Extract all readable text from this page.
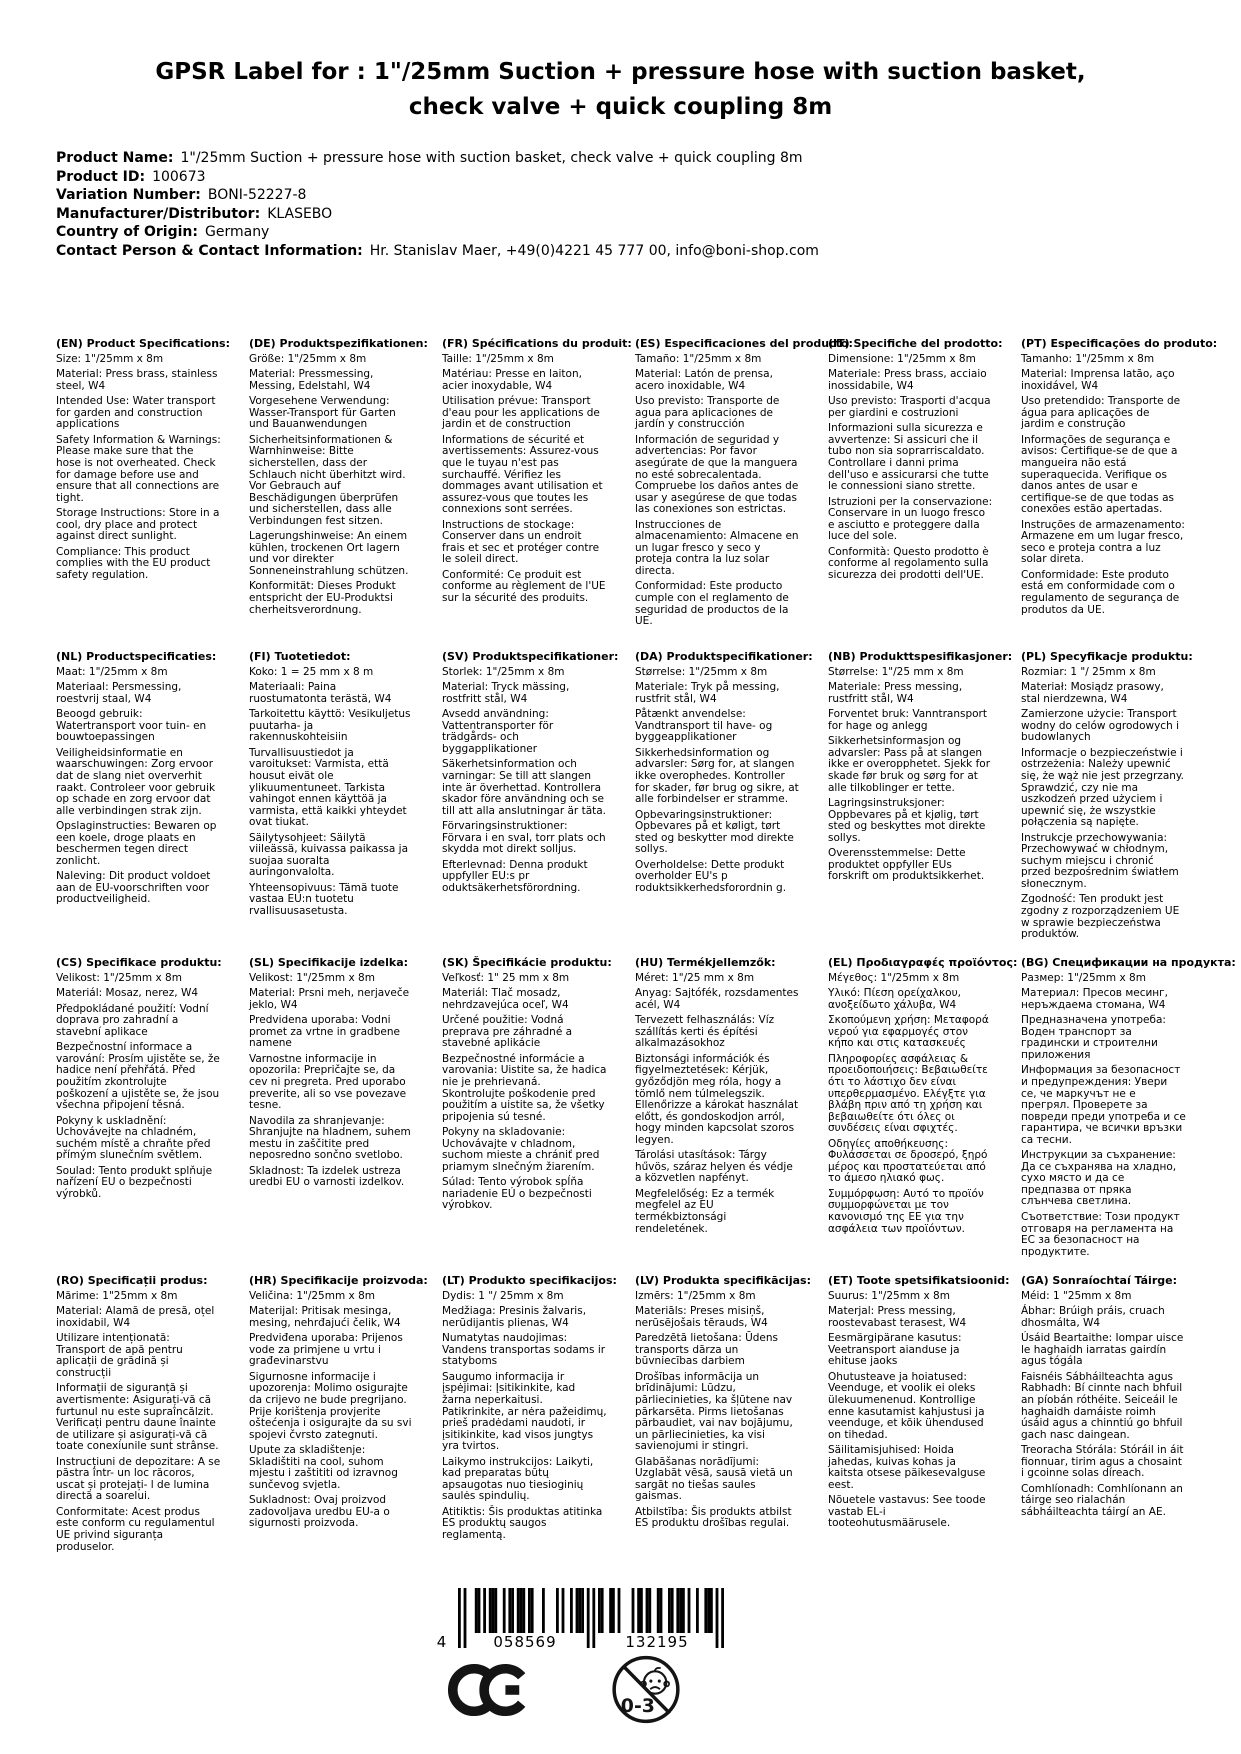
GPSR Label for : 1"/25mm Suction + pressure hose with suction basket, check valve + quick coupling 8m
Product Name: 1"/25mm Suction + pressure hose with suction basket, check valve + quick coupling 8m
Product ID: 100673
Variation Number: BONI-52227-8
Manufacturer/Distributor: KLASEBO
Country of Origin: Germany
Contact Person & Contact Information: Hr. Stanislav Maer, +49(0)4221 45 777 00, info@boni-shop.com
(EN) Product Specifications:

Size: 1"/25mm x 8m

Material: Press brass, stainless steel, W4

Intended Use: Water transport for garden and construction applications

Safety Information & Warnings: Please make sure that the hose is not overheated. Check for damage before use and ensure that all connections are tight.

Storage Instructions: Store in a cool, dry place and protect against direct sunlight.

Compliance: This product complies with the EU product safety regulation.

(DE) Produktspezifikationen:

Größe: 1"/25mm x 8m

Material: Pressmessing, Messing, Edelstahl, W4

Vorgesehene Verwendung: Wasser-Transport für Garten und Bauanwendungen

Sicherheitsinformationen & Warnhinweise: Bitte sicherstellen, dass der Schlauch nicht überhitzt wird. Vor Gebrauch auf Beschädigungen überprüfen und sicherstellen, dass alle Verbindungen fest sitzen.

Lagerungshinweise: An einem kühlen, trockenen Ort lagern und vor direkter Sonneneinstrahlung schützen.

Konformität: Dieses Produkt entspricht der EU-Produktsi cherheitsverordnung.

(FR) Spécifications du produit:

Taille: 1"/25mm x 8m

Matériau: Presse en laiton, acier inoxydable, W4

Utilisation prévue: Transport d'eau pour les applications de jardin et de construction

Informations de sécurité et avertissements: Assurez-vous que le tuyau n'est pas surchauffé. Vérifiez les dommages avant utilisation et assurez-vous que toutes les connexions sont serrées.

Instructions de stockage: Conserver dans un endroit frais et sec et protéger contre le soleil direct.

Conformité: Ce produit est conforme au règlement de l'UE sur la sécurité des produits.

(ES) Especificaciones del producto:

Tamaño: 1"/25mm x 8m

Material: Latón de prensa, acero inoxidable, W4

Uso previsto: Transporte de agua para aplicaciones de jardín y construcción

Información de seguridad y advertencias: Por favor asegúrate de que la manguera no esté sobrecalentada. Compruebe los daños antes de usar y asegúrese de que todas las conexiones son estrictas.

Instrucciones de almacenamiento: Almacene en un lugar fresco y seco y proteja contra la luz solar directa.

Conformidad: Este producto cumple con el reglamento de seguridad de productos de la UE.

(IT) Specifiche del prodotto:

Dimensione: 1"/25mm x 8m

Materiale: Press brass, acciaio inossidabile, W4

Uso previsto: Trasporti d'acqua per giardini e costruzioni

Informazioni sulla sicurezza e avvertenze: Si assicuri che il tubo non sia soprarriscaldato. Controllare i danni prima dell'uso e assicurarsi che tutte le connessioni siano strette.

Istruzioni per la conservazione: Conservare in un luogo fresco e asciutto e proteggere dalla luce del sole.

Conformità: Questo prodotto è conforme al regolamento sulla sicurezza dei prodotti dell'UE.

(PT) Especificações do produto:

Tamanho: 1"/25mm x 8m

Material: Imprensa latão, aço inoxidável, W4

Uso pretendido: Transporte de água para aplicações de jardim e construção

Informações de segurança e avisos: Certifique-se de que a mangueira não está superaquecida. Verifique os danos antes de usar e certifique-se de que todas as conexões estão apertadas.

Instruções de armazenamento: Armazene em um lugar fresco, seco e proteja contra a luz solar direta.

Conformidade: Este produto está em conformidade com o regulamento de segurança de produtos da UE.

(NL) Productspecificaties:

Maat: 1"/25mm x 8m

Materiaal: Persmessing, roestvrij staal, W4

Beoogd gebruik: Watertransport voor tuin- en bouwtoepassingen

Veiligheidsinformatie en waarschuwingen: Zorg ervoor dat de slang niet oververhit raakt. Controleer voor gebruik op schade en zorg ervoor dat alle verbindingen strak zijn.

Opslaginstructies: Bewaren op een koele, droge plaats en beschermen tegen direct zonlicht.

Naleving: Dit product voldoet aan de EU-voorschriften voor productveiligheid.

(FI) Tuotetiedot:

Koko: 1 = 25 mm x 8 m

Materiaali: Paina ruostumatonta terästä, W4

Tarkoitettu käyttö: Vesikuljetus puutarha- ja rakennuskohteisiin

Turvallisuustiedot ja varoitukset: Varmista, että housut eivät ole ylikuumentuneet. Tarkista vahingot ennen käyttöä ja varmista, että kaikki yhteydet ovat tiukat.

Säilytysohjeet: Säilytä viileässä, kuivassa paikassa ja suojaa suoralta auringonvalolta.

Yhteensopivuus: Tämä tuote vastaa EU:n tuotetu rvallisuusasetusta.

(SV) Produktspecifikationer:

Storlek: 1"/25mm x 8m

Material: Tryck mässing, rostfritt stål, W4

Avsedd användning: Vattentransporter för trädgårds- och byggapplikationer

Säkerhetsinformation och varningar: Se till att slangen inte är överhettad. Kontrollera skador före användning och se till att alla anslutningar är täta.

Förvaringsinstruktioner: Förvara i en sval, torr plats och skydda mot direkt solljus.

Efterlevnad: Denna produkt uppfyller EU:s pr oduktsäkerhetsförordning.

(DA) Produktspecifikationer:

Størrelse: 1"/25mm x 8m

Materiale: Tryk på messing, rustfrit stål, W4

Påtænkt anvendelse: Vandtransport til have- og byggeapplikationer

Sikkerhedsinformation og advarsler: Sørg for, at slangen ikke overophedes. Kontroller for skader, før brug og sikre, at alle forbindelser er stramme.

Opbevaringsinstruktioner: Opbevares på et køligt, tørt sted og beskytter mod direkte sollys.

Overholdelse: Dette produkt overholder EU's p roduktsikkerhedsforordnin g.

(NB) Produkttspesifikasjoner:

Størrelse: 1"/25 mm x 8m

Materiale: Press messing, rustfritt stål, W4

Forventet bruk: Vanntransport for hage og anlegg

Sikkerhetsinformasjon og advarsler: Pass på at slangen ikke er overopphetet. Sjekk for skade før bruk og sørg for at alle tilkoblinger er tette.

Lagringsinstruksjoner: Oppbevares på et kjølig, tørt sted og beskyttes mot direkte sollys.

Overensstemmelse: Dette produktet oppfyller EUs forskrift om produktsikkerhet.

(PL) Specyfikacje produktu:

Rozmiar: 1 "/ 25mm x 8m

Materiał: Mosiądz prasowy, stal nierdzewna, W4

Zamierzone użycie: Transport wodny do celów ogrodowych i budowlanych

Informacje o bezpieczeństwie i ostrzeżenia: Należy upewnić się, że wąż nie jest przegrzany. Sprawdzić, czy nie ma uszkodzeń przed użyciem i upewnić się, że wszystkie połączenia są napięte.

Instrukcje przechowywania: Przechowywać w chłodnym, suchym miejscu i chronić przed bezpośrednim światłem słonecznym.

Zgodność: Ten produkt jest zgodny z rozporządzeniem UE w sprawie bezpieczeństwa produktów.

(CS) Specifikace produktu:

Velikost: 1"/25mm x 8m

Materiál: Mosaz, nerez, W4

Předpokládané použití: Vodní doprava pro zahradní a stavební aplikace

Bezpečnostní informace a varování: Prosím ujistěte se, že hadice není přehřátá. Před použitím zkontrolujte poškození a ujistěte se, že jsou všechna připojení těsná.

Pokyny k uskladnění: Uchovávejte na chladném, suchém místě a chraňte před přímým slunečním světlem.

Soulad: Tento produkt splňuje nařízení EU o bezpečnosti výrobků.

(SL) Specifikacije izdelka:

Velikost: 1"/25mm x 8m

Material: Prsni meh, nerjaveče jeklo, W4

Predvidena uporaba: Vodni promet za vrtne in gradbene namene

Varnostne informacije in opozorila: Prepričajte se, da cev ni pregreta. Pred uporabo preverite, ali so vse povezave tesne.

Navodila za shranjevanje: Shranjujte na hladnem, suhem mestu in zaščitite pred neposredno sončno svetlobo.

Skladnost: Ta izdelek ustreza uredbi EU o varnosti izdelkov.

(SK) Špecifikácie produktu:

Veľkosť: 1" 25 mm x 8m

Materiál: Tlač mosadz, nehrdzavejúca oceľ, W4

Určené použitie: Vodná preprava pre záhradné a stavebné aplikácie

Bezpečnostné informácie a varovania: Uistite sa, že hadica nie je prehrievaná. Skontrolujte poškodenie pred použitím a uistite sa, že všetky pripojenia sú tesné.

Pokyny na skladovanie: Uchovávajte v chladnom, suchom mieste a chrániť pred priamym slnečným žiarením.

Súlad: Tento výrobok spĺňa nariadenie EÚ o bezpečnosti výrobkov.

(HU) Termékjellemzők:

Méret: 1"/25 mm x 8m

Anyag: Sajtófék, rozsdamentes acél, W4

Tervezett felhasználás: Víz szállítás kerti és építési alkalmazásokhoz

Biztonsági információk és figyelmeztetések: Kérjük, győződjön meg róla, hogy a tömlő nem túlmelegszik. Ellenőrizze a károkat használat előtt, és gondoskodjon arról, hogy minden kapcsolat szoros legyen.

Tárolási utasítások: Tárgy hűvös, száraz helyen és védje a közvetlen napfényt.

Megfelelőség: Ez a termék megfelel az EU termékbiztonsági rendeletének.

(EL) Προδιαγραφές προϊόντος:

Μέγεθος: 1"/25mm x 8m

Υλικό: Πίεση ορείχαλκου, ανοξείδωτο χάλυβα, W4

Σκοπούμενη χρήση: Μεταφορά νερού για εφαρμογές στον κήπο και στις κατασκευές

Πληροφορίες ασφάλειας & προειδοποιήσεις: Βεβαιωθείτε ότι το λάστιχο δεν είναι υπερθερμασμένο. Ελέγξτε για βλάβη πριν από τη χρήση και βεβαιωθείτε ότι όλες οι συνδέσεις είναι σφιχτές.

Οδηγίες αποθήκευσης: Φυλάσσεται σε δροσερό, ξηρό μέρος και προστατεύεται από το άμεσο ηλιακό φως.

Συμμόρφωση: Αυτό το προϊόν συμμορφώνεται με τον κανονισμό της ΕΕ για την ασφάλεια των προϊόντων.

(BG) Спецификации на продукта:

Размер: 1"/25mm x 8m

Материал: Пресов месинг, неръждаема стомана, W4

Предназначена употреба: Воден транспорт за градински и строителни приложения

Информация за безопасност и предупреждения: Увери се, че маркучът не е прегрял. Проверете за повреди преди употреба и се гарантира, че всички връзки са тесни.

Инструкции за съхранение: Да се съхранява на хладно, сухо място и да се предпазва от пряка слънчева светлина.

Съответствие: Този продукт отговаря на регламента на ЕС за безопасност на продуктите.

(RO) Specificații produs:

Mărime: 1"25mm x 8m

Material: Alamă de presă, oțel inoxidabil, W4

Utilizare intenționată: Transport de apă pentru aplicații de grădină și construcții

Informații de siguranță și avertismente: Asigurați-vă că furtunul nu este supraîncălzit. Verificați pentru daune înainte de utilizare și asigurați-vă că toate conexiunile sunt strânse.

Instrucțiuni de depozitare: A se păstra într- un loc răcoros, uscat și protejați- l de lumina directă a soarelui.

Conformitate: Acest produs este conform cu regulamentul UE privind siguranța produselor.

(HR) Specifikacije proizvoda:

Veličina: 1"/25mm x 8m

Materijal: Pritisak mesinga, mesing, nehrđajući čelik, W4

Predviđena uporaba: Prijenos vode za primjene u vrtu i građevinarstvu

Sigurnosne informacije i upozorenja: Molimo osigurajte da crijevo ne bude pregrijano. Prije korištenja provjerite oštećenja i osigurajte da su svi spojevi čvrsto zategnuti.

Upute za skladištenje: Skladištiti na cool, suhom mjestu i zaštititi od izravnog sunčevog svjetla.

Sukladnost: Ovaj proizvod zadovoljava uredbu EU-a o sigurnosti proizvoda.

(LT) Produkto specifikacijos:

Dydis: 1 "/ 25mm x 8m

Medžiaga: Presinis žalvaris, nerūdijantis plienas, W4

Numatytas naudojimas: Vandens transportas sodams ir statyboms

Saugumo informacija ir įspėjimai: Įsitikinkite, kad žarna neperkaitusi. Patikrinkite, ar nėra pažeidimų, prieš pradėdami naudoti, ir įsitikinkite, kad visos jungtys yra tvirtos.

Laikymo instrukcijos: Laikyti, kad preparatas būtų apsaugotas nuo tiesioginių saulės spindulių.

Atitiktis: Šis produktas atitinka ES produktų saugos reglamentą.

(LV) Produkta specifikācijas:

Izmērs: 1"/25mm x 8m

Materiāls: Preses misiņš, nerūsējošais tērauds, W4

Paredzētā lietošana: Ūdens transports dārza un būvniecības darbiem

Drošības informācija un brīdinājumi: Lūdzu, pārliecinieties, ka šļūtene nav pārkarsēta. Pirms lietošanas pārbaudiet, vai nav bojājumu, un pārliecinieties, ka visi savienojumi ir stingri.

Glabāšanas norādījumi: Uzglabāt vēsā, sausā vietā un sargāt no tiešas saules gaismas.

Atbilstība: Šis produkts atbilst ES produktu drošības regulai.

(ET) Toote spetsifikatsioonid:

Suurus: 1"/25mm x 8m

Materjal: Press messing, roostevabast terasest, W4

Eesmärgipärane kasutus: Veetransport aianduse ja ehituse jaoks

Ohutusteave ja hoiatused: Veenduge, et voolik ei oleks ülekuumenenud. Kontrollige enne kasutamist kahjustusi ja veenduge, et kõik ühendused on tihedad.

Säilitamisjuhised: Hoida jahedas, kuivas kohas ja kaitsta otsese päikesevalguse eest.

Nõuetele vastavus: See toode vastab EL-i tooteohutusmäärusele.

(GA) Sonraíochtaí Táirge:

Méid: 1 "25mm x 8m

Ábhar: Brúigh práis, cruach dhosmálta, W4

Úsáid Beartaithe: Iompar uisce le haghaidh iarratas gairdín agus tógála

Faisnéis Sábháilteachta agus Rabhadh: Bí cinnte nach bhfuil an píobán róthéite. Seiceáil le haghaidh damáiste roimh úsáid agus a chinntiú go bhfuil gach nasc daingean.

Treoracha Stórála: Stóráil in áit fionnuar, tirim agus a chosaint i gcoinne solas díreach.

Comhlíonadh: Comhlíonann an táirge seo rialachán sábháilteachta táirgí an AE.

4	058569	132195
0-3
